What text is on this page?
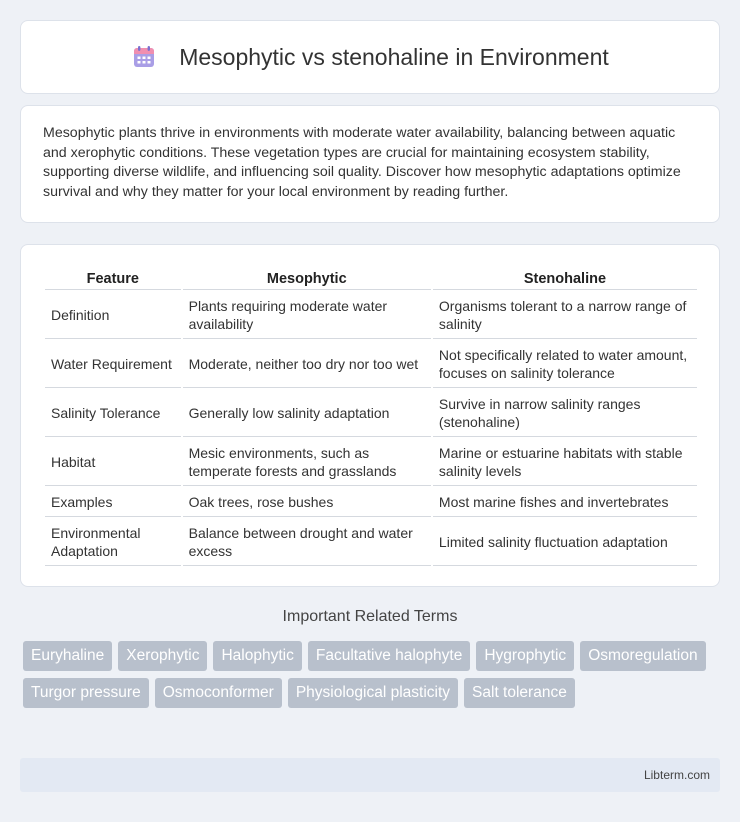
Mesophytic vs stenohaline in Environment

Mesophytic plants thrive in environments with moderate water availability, balancing between aquatic and xerophytic conditions. These vegetation types are crucial for maintaining ecosystem stability, supporting diverse wildlife, and influencing soil quality. Discover how mesophytic adaptations optimize survival and why they matter for your local environment by reading further.

Feature	Mesophytic	Stenohaline
Definition	Plants requiring moderate water availability	Organisms tolerant to a narrow range of salinity
Water Requirement	Moderate, neither too dry nor too wet	Not specifically related to water amount, focuses on salinity tolerance
Salinity Tolerance	Generally low salinity adaptation	Survive in narrow salinity ranges (stenohaline)
Habitat	Mesic environments, such as temperate forests and grasslands	Marine or estuarine habitats with stable salinity levels
Examples	Oak trees, rose bushes	Most marine fishes and invertebrates
Environmental Adaptation	Balance between drought and water excess	Limited salinity fluctuation adaptation
Important Related Terms
Euryhaline	Xerophytic	Halophytic	Facultative halophyte	Hygrophytic	Osmoregulation
Turgor pressure	Osmoconformer	Physiological plasticity	Salt tolerance
Libterm.com
